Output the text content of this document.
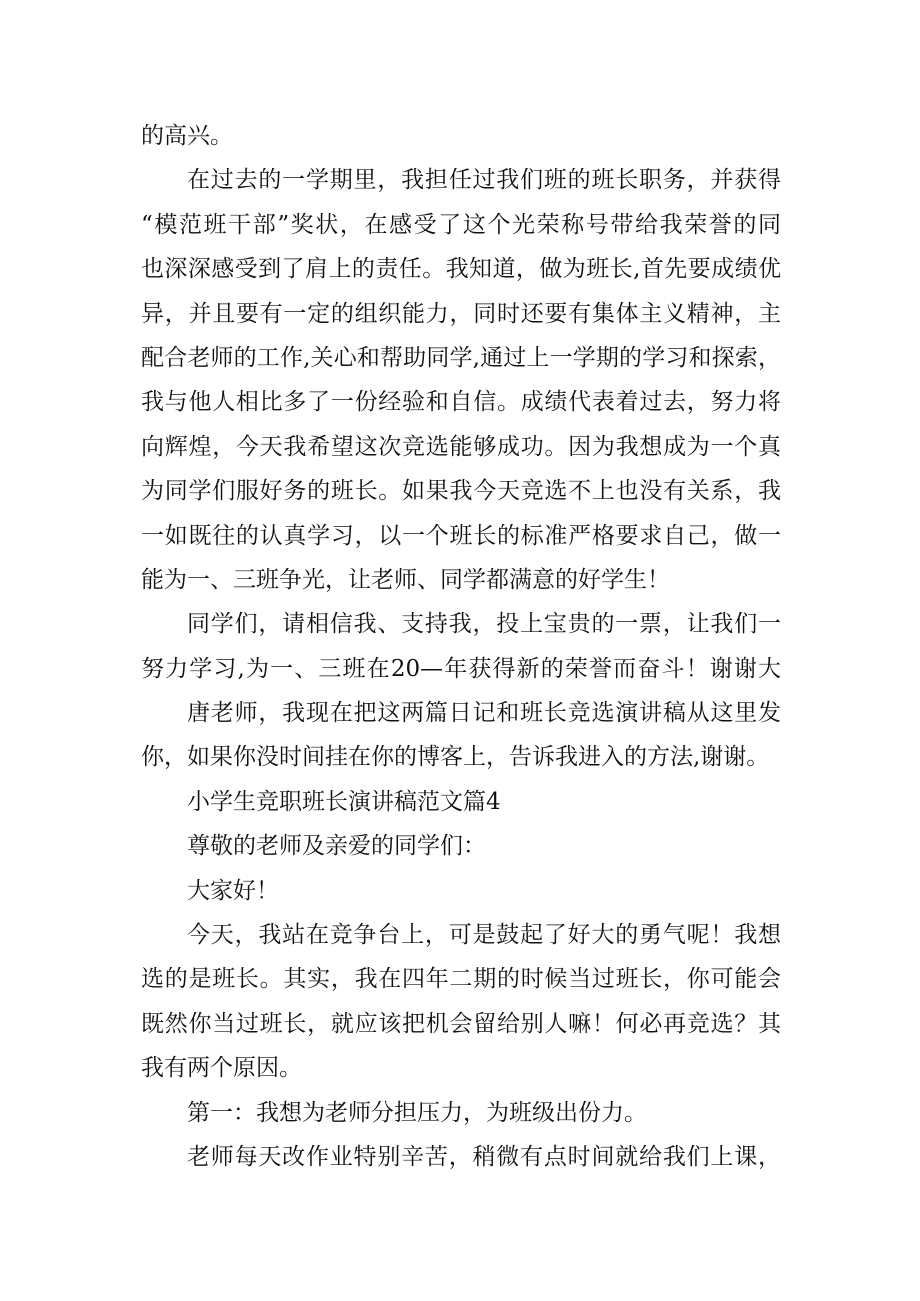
的高兴。
在过去的一学期里，我担任过我们班的班长职务，并获得
“模范班干部”奖状，在感受了这个光荣称号带给我荣誉的同
也深深感受到了肩上的责任。我知道，做为班长,首先要成绩优
异，并且要有一定的组织能力，同时还要有集体主义精神，主
配合老师的工作,关心和帮助同学,通过上一学期的学习和探索，
我与他人相比多了一份经验和自信。成绩代表着过去，努力将
向辉煌，今天我希望这次竞选能够成功。因为我想成为一个真
为同学们服好务的班长。如果我今天竞选不上也没有关系，我
一如既往的认真学习，以一个班长的标准严格要求自己，做一
能为一、三班争光，让老师、同学都满意的好学生！
同学们，请相信我、支持我，投上宝贵的一票，让我们一
努力学习,为一、三班在20—年获得新的荣誉而奋斗！谢谢大
唐老师，我现在把这两篇日记和班长竞选演讲稿从这里发
你，如果你没时间挂在你的博客上，告诉我进入的方法,谢谢。
小学生竞职班长演讲稿范文篇4
尊敬的老师及亲爱的同学们：
大家好！
今天，我站在竞争台上，可是鼓起了好大的勇气呢！我想
选的是班长。其实，我在四年二期的时候当过班长，你可能会
既然你当过班长，就应该把机会留给别人嘛！何必再竞选？其
我有两个原因。
第一：我想为老师分担压力，为班级出份力。
老师每天改作业特别辛苦，稍微有点时间就给我们上课，
